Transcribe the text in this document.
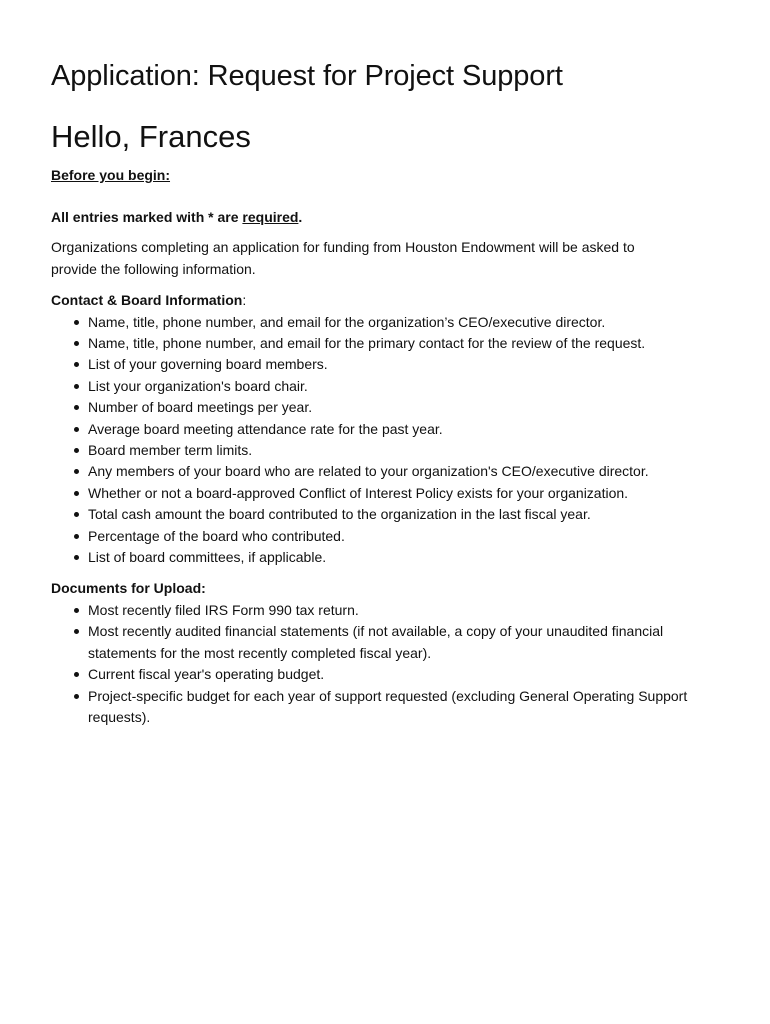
Application: Request for Project Support
Hello, Frances

Before you begin:

All entries marked with * are required.

Organizations completing an application for funding from Houston Endowment will be asked to provide the following information.

Contact & Board Information:

Name, title, phone number, and email for the organization’s CEO/executive director.
Name, title, phone number, and email for the primary contact for the review of the request.
List of your governing board members.
List your organization's board chair.
Number of board meetings per year.
Average board meeting attendance rate for the past year.
Board member term limits.
Any members of your board who are related to your organization's CEO/executive director.
Whether or not a board-approved Conflict of Interest Policy exists for your organization.
Total cash amount the board contributed to the organization in the last fiscal year.
Percentage of the board who contributed.
List of board committees, if applicable.

Documents for Upload:

Most recently filed IRS Form 990 tax return.
Most recently audited financial statements (if not available, a copy of your unaudited financial statements for the most recently completed fiscal year).
Current fiscal year's operating budget.
Project-specific budget for each year of support requested (excluding General Operating Support requests).
